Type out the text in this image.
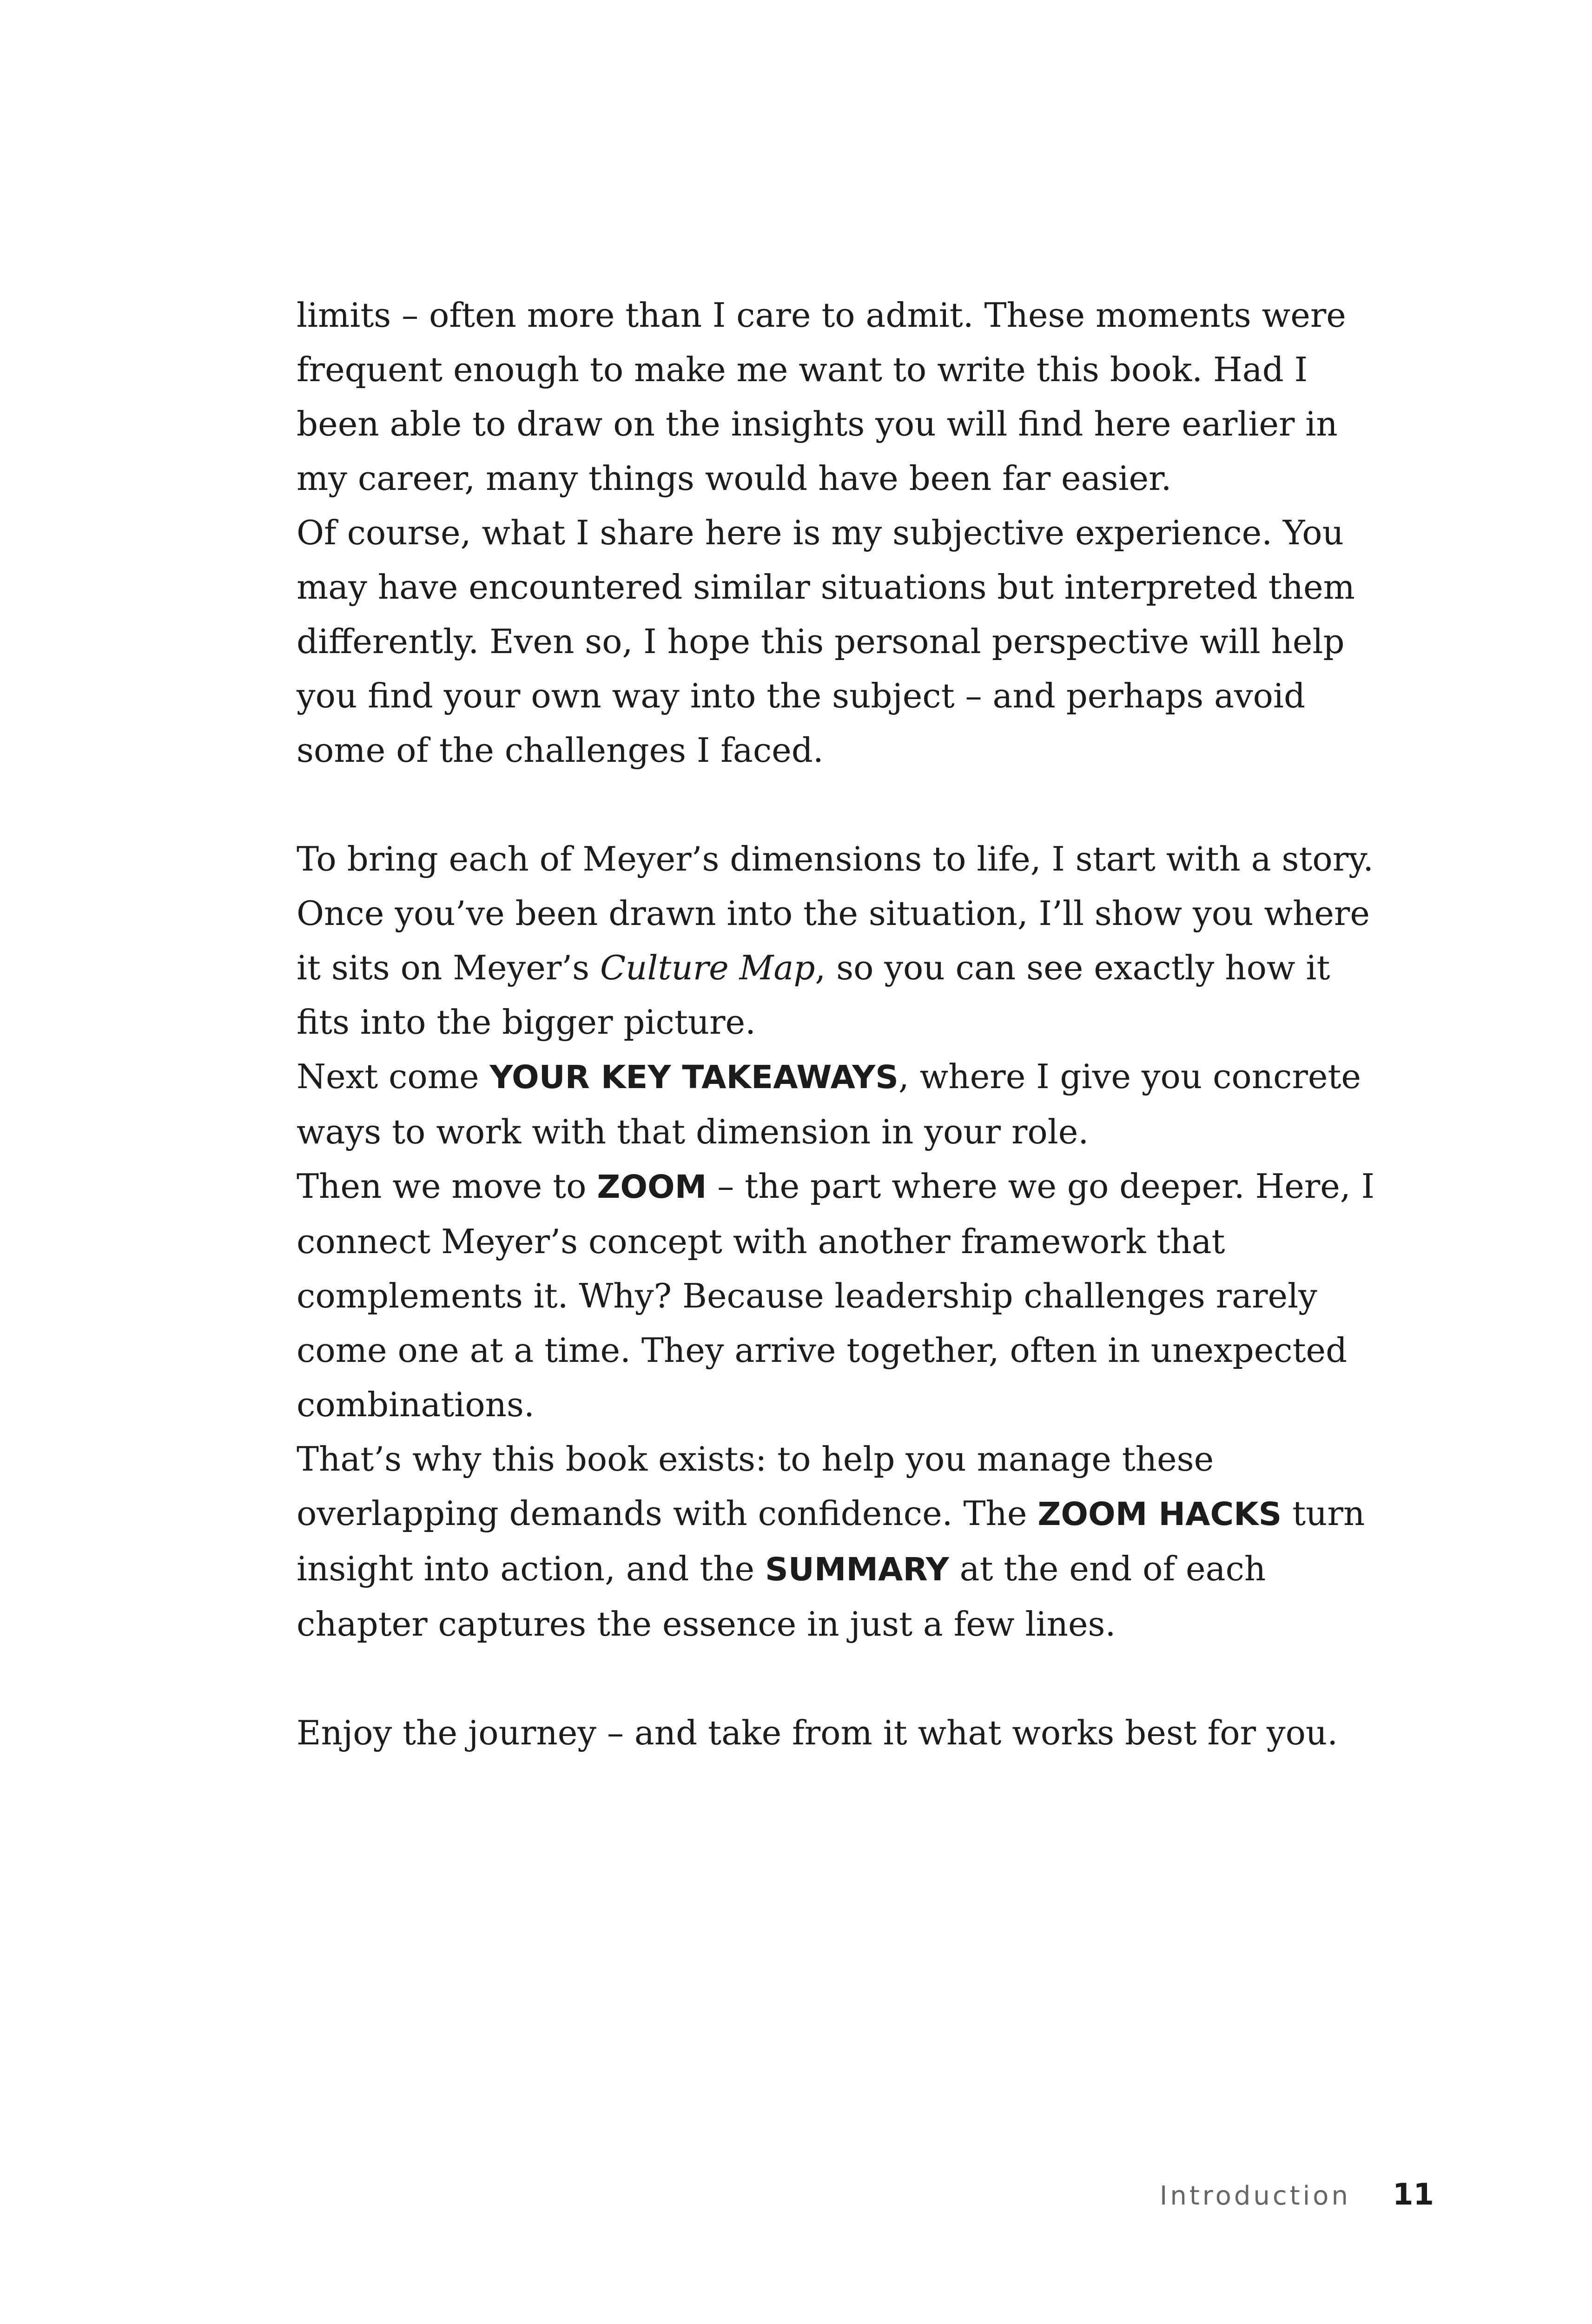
limits – often more than I care to admit. These moments were frequent enough to make me want to write this book. Had I been able to draw on the insights you will find here earlier in my career, many things would have been far easier.

Of course, what I share here is my subjective experience. You may have encountered similar situations but interpreted them differently. Even so, I hope this personal perspective will help you find your own way into the subject – and perhaps avoid some of the challenges I faced.

To bring each of Meyer’s dimensions to life, I start with a story. Once you’ve been drawn into the situation, I’ll show you where it sits on Meyer’s Culture Map, so you can see exactly how it fits into the bigger picture.

Next come YOUR KEY TAKEAWAYS, where I give you concrete ways to work with that dimension in your role.

Then we move to ZOOM – the part where we go deeper. Here, I connect Meyer’s concept with another framework that complements it. Why? Because leadership challenges rarely come one at a time. They arrive together, often in unexpected combinations.

That’s why this book exists: to help you manage these overlapping demands with confidence. The ZOOM HACKS turn insight into action, and the SUMMARY at the end of each chapter captures the essence in just a few lines.

Enjoy the journey – and take from it what works best for you.

Introduction 11
